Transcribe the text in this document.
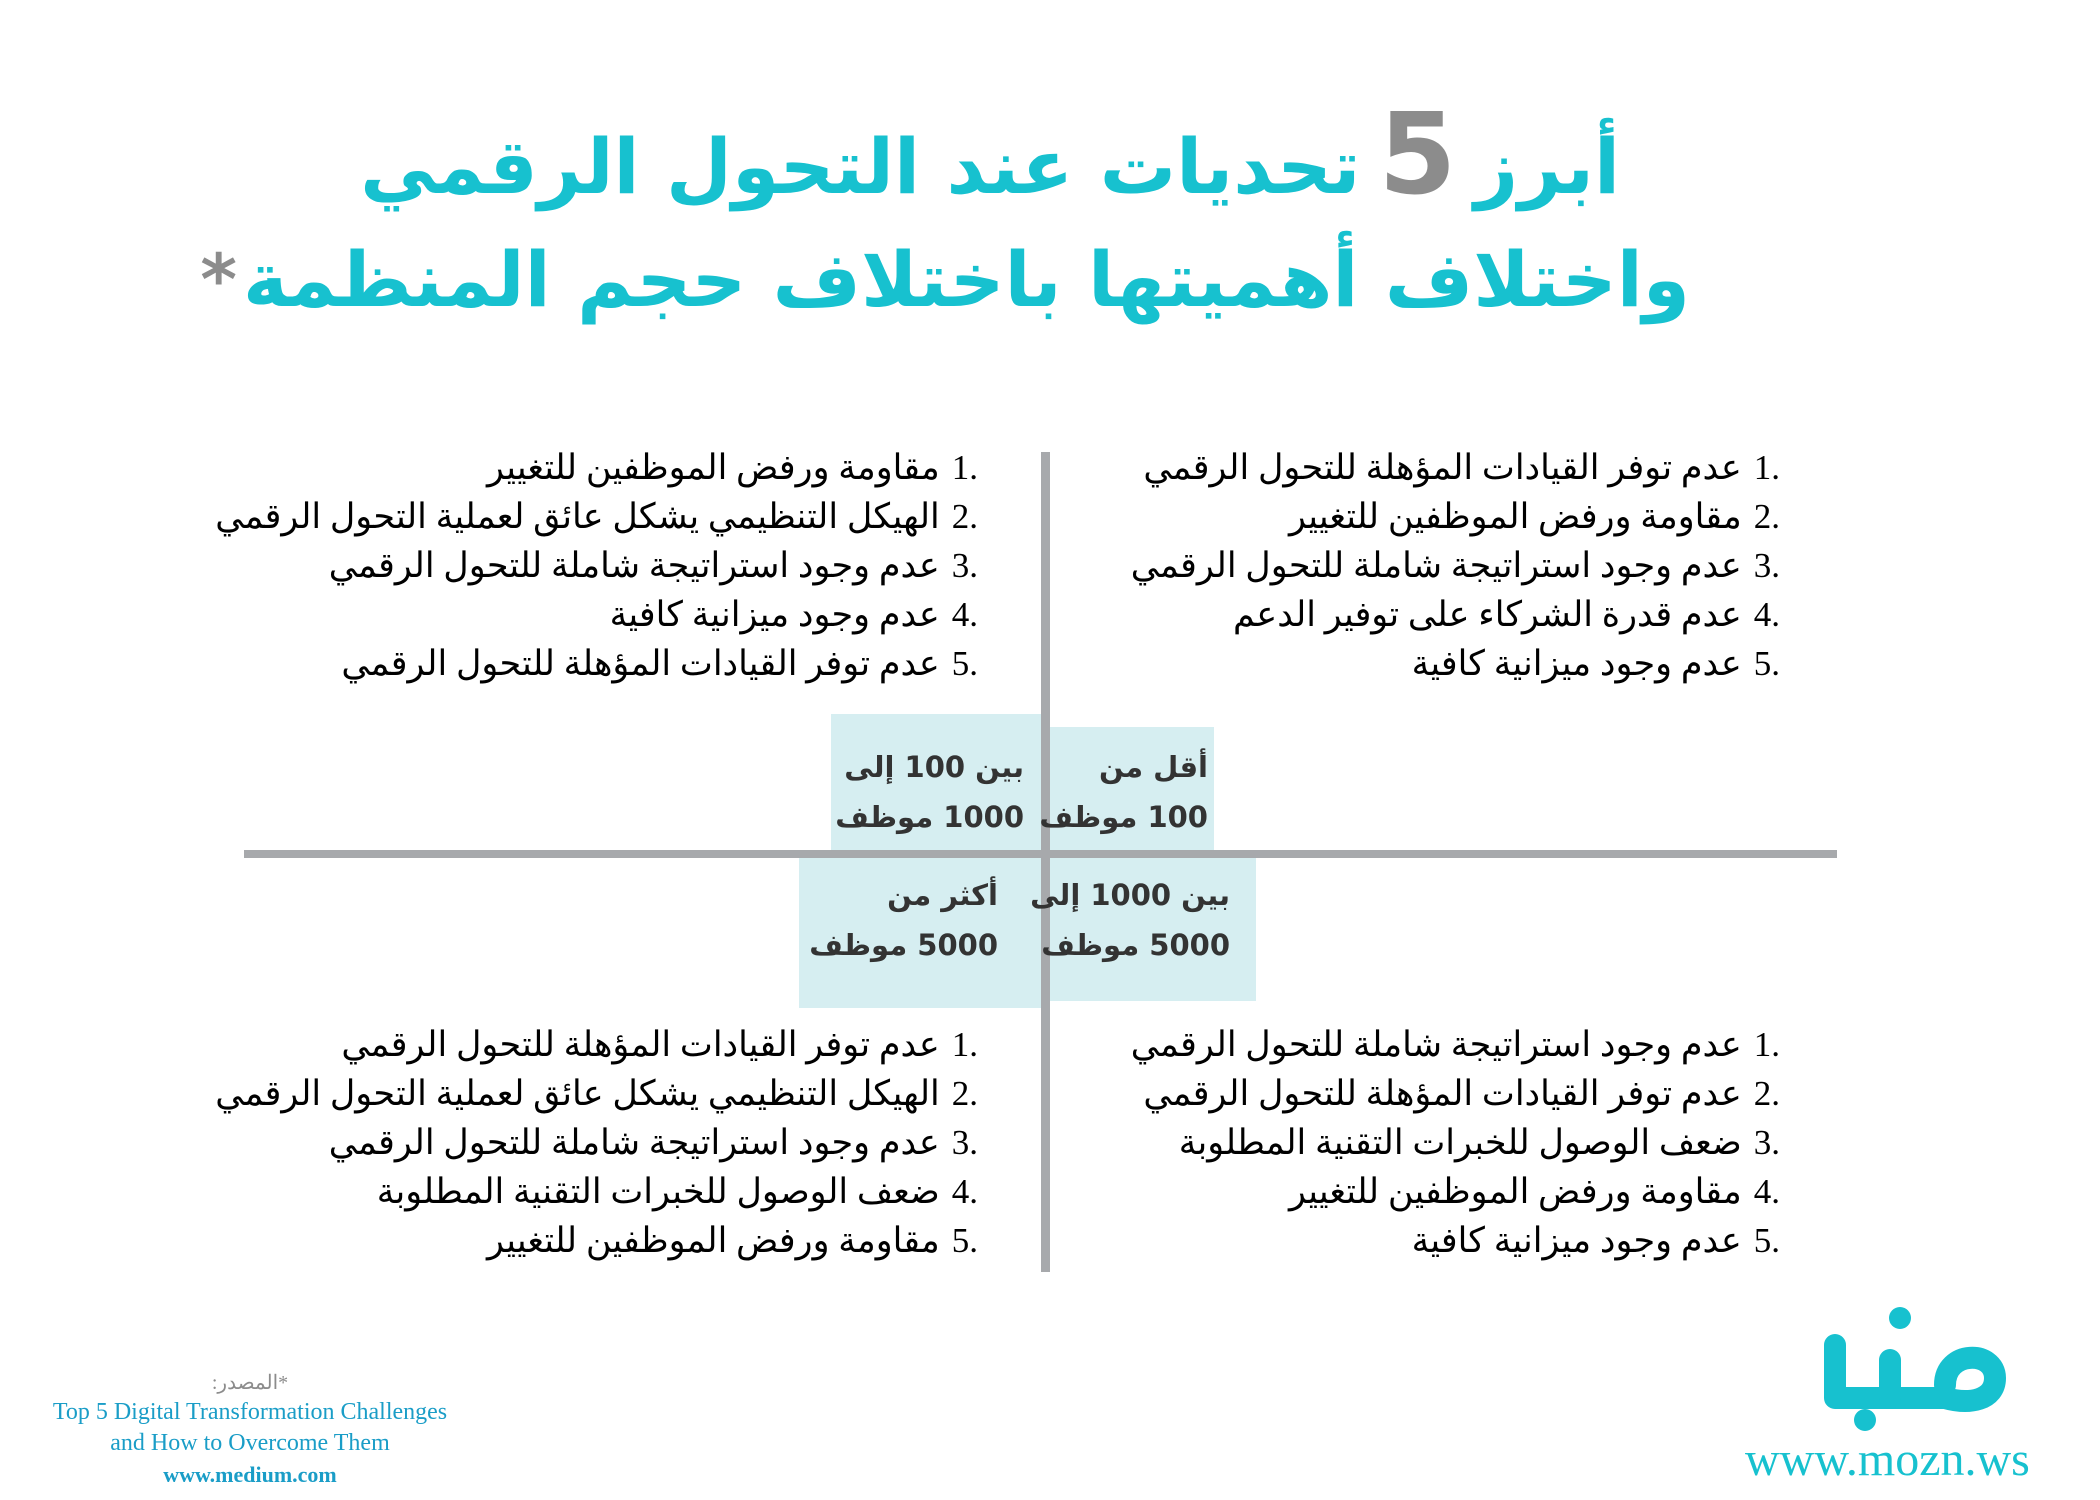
أبرز5تحديات عند التحول الرقمي
واختلاف أهميتها باختلاف حجم المنظمة*
أقل من
100 موظف
بين 100 إلى
1000 موظف
بين 1000 إلى
5000 موظف
أكثر من
5000 موظف
1.عدم توفر القيادات المؤهلة للتحول الرقمي
2.مقاومة ورفض الموظفين للتغيير
3.عدم وجود استراتيجة شاملة للتحول الرقمي
4.عدم قدرة الشركاء على توفير الدعم
5.عدم وجود ميزانية كافية
1.مقاومة ورفض الموظفين للتغيير
2.الهيكل التنظيمي يشكل عائق لعملية التحول الرقمي
3.عدم وجود استراتيجة شاملة للتحول الرقمي
4.عدم وجود ميزانية كافية
5.عدم توفر القيادات المؤهلة للتحول الرقمي
1.عدم وجود استراتيجة شاملة للتحول الرقمي
2.عدم توفر القيادات المؤهلة للتحول الرقمي
3.ضعف الوصول للخبرات التقنية المطلوبة
4.مقاومة ورفض الموظفين للتغيير
5.عدم وجود ميزانية كافية
1.عدم توفر القيادات المؤهلة للتحول الرقمي
2.الهيكل التنظيمي يشكل عائق لعملية التحول الرقمي
3.عدم وجود استراتيجة شاملة للتحول الرقمي
4.ضعف الوصول للخبرات التقنية المطلوبة
5.مقاومة ورفض الموظفين للتغيير
*المصدر:
Top 5 Digital Transformation Challenges
and How to Overcome Them
www.medium.com	www.mozn.ws
